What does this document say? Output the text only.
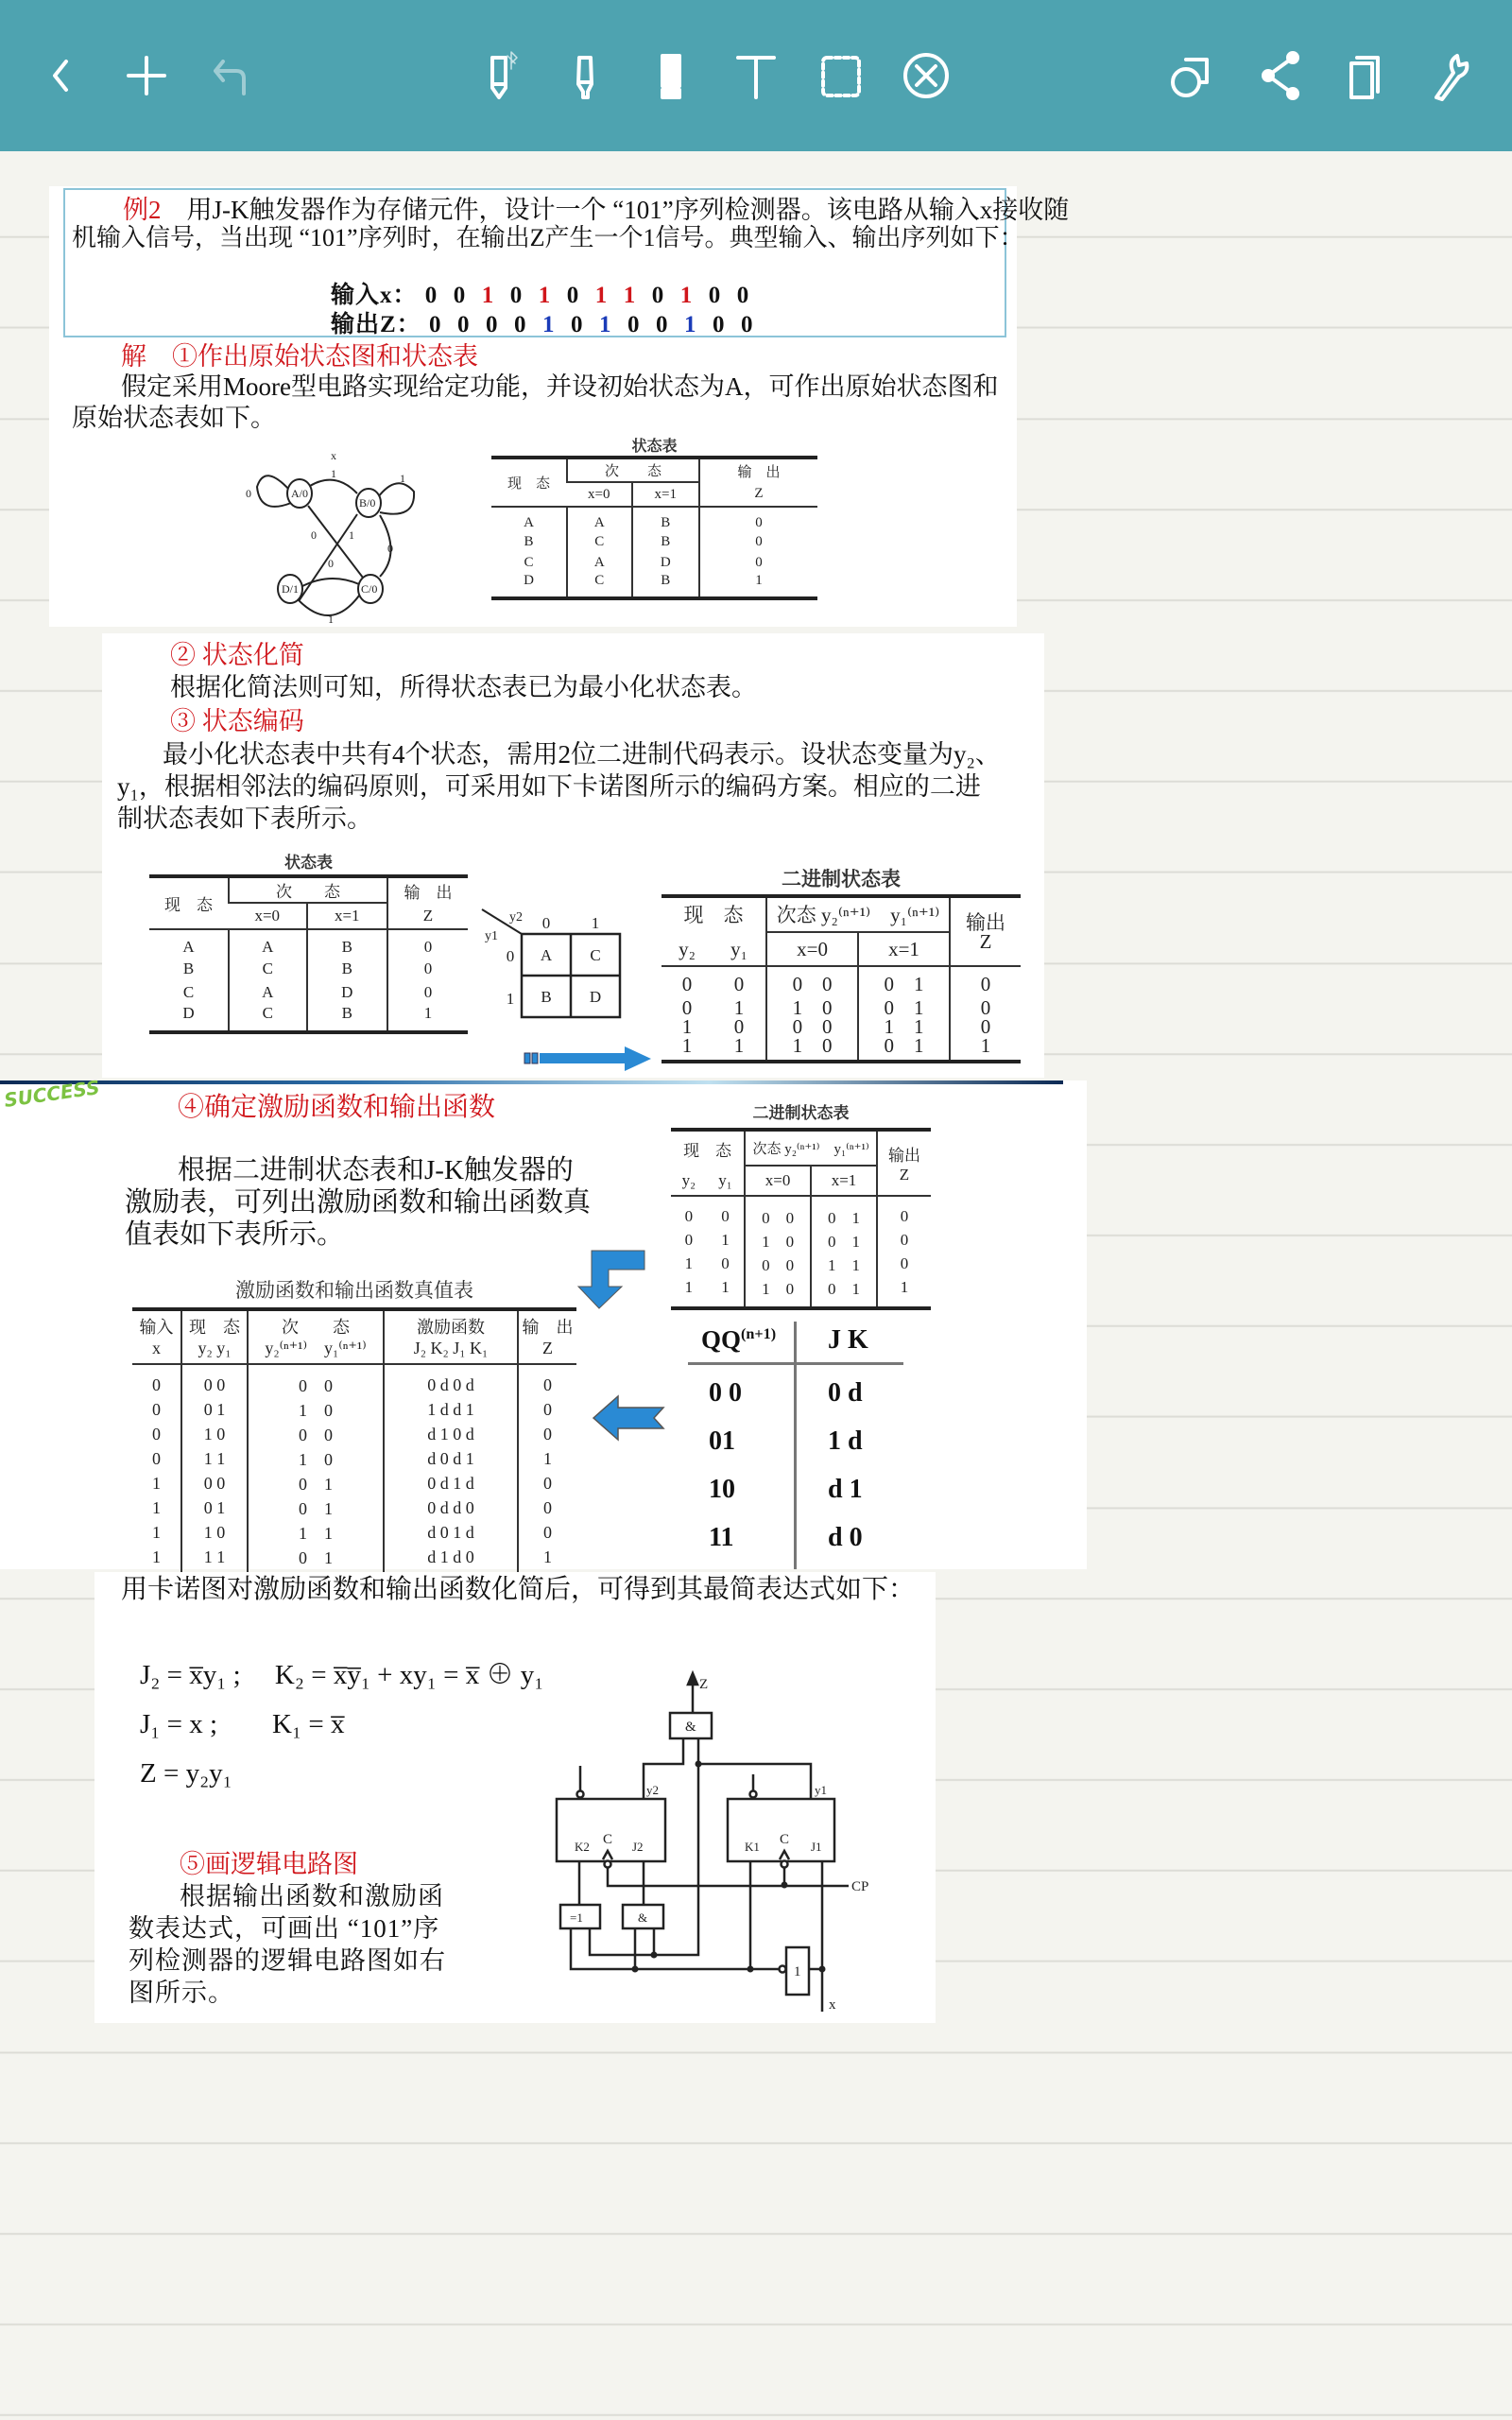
例2　 用J-K触发器作为存储元件，设计一个 “101”序列检测器。该电路从输入x接收随
机输入信号，当出现 “101”序列时，在输出Z产生一个1信号。典型输入、输出序列如下：
输入x： 0 0 1 0 1 0 1 1 0 1 0 0
输出Z： 0 0 0 0 1 0 1 0 0 1 0 0
解　①作出原始状态图和状态表
假定采用Moore型电路实现给定功能，并设初始状态为A，可作出原始状态图和
原始状态表如下。
A/0
B/0
C/0
D/1
x
1
0
1
0	1
0
0
1
状态表
现　态	次　　态		输　出
	x=0	x=1	Z
A	A	B	0
B	C	B	0
C	A	D	0
D	C	B	1
② 状态化简
根据化简法则可知，所得状态表已为最小化状态表。
③ 状态编码
最小化状态表中共有4个状态，需用2位二进制代码表示。设状态变量为y₂、
y₁，根据相邻法的编码原则，可采用如下卡诺图所示的编码方案。相应的二进
制状态表如下表所示。
状态表
现　态	次　　态		输　出
	x=0	x=1	Z
A	A	B	0
B	C	B	0
C	A	D	0
D	C	B	1
y2
y1
0	1
0
1
A C
B D
二进制状态表
现　态		次态 y₂⁽ⁿ⁺¹⁾　y₁⁽ⁿ⁺¹⁾		输出
Z
y₂	y₁	x=0	x=1	
0	0	0　0	0　1	0
0	1	1　0	0　1	0
1	0	0　0	1　1	0
1	1	1　0	0　1	1
SUCCESS	④确定激励函数和输出函数
根据二进制状态表和J-K触发器的
激励表，可列出激励函数和输出函数真
值表如下表所示。
激励函数和输出函数真值表
输入
x	现　态
y₂ y₁	次　　态
y₂⁽ⁿ⁺¹⁾　y₁⁽ⁿ⁺¹⁾	激励函数
J₂ K₂ J₁ K₁	输　出
Z
0	0 0	0　0	0 d 0 d	0
0	0 1	1　0	1 d d 1	0
0	1 0	0　0	d 1 0 d	0
0	1 1	1　0	d 0 d 1	1
1	0 0	0　1	0 d 1 d	0
1	0 1	0　1	0 d d 0	0
1	1 0	1　1	d 0 1 d	0
1	1 1	0　1	d 1 d 0	1
二进制状态表
现　态		次态 y₂⁽ⁿ⁺¹⁾　y₁⁽ⁿ⁺¹⁾		输出
Z
y₂	y₁	x=0	x=1	
0	0	0　0	0　1	0
0	1	1　0	0　1	0
1	0	0　0	1　1	0
1	1	1　0	0　1	1
$QQ^{(n+1)}$ J K
0 0	0 d
01	1 d
10	d 1
11	d 0
用卡诺图对激励函数和输出函数化简后，可得到其最简表达式如下：
J₂ = x̅y₁ ;　 K₂ = x̅y̅₁ + xy₁ = x̅ ⊕ y₁
J₁ = x ;　　K₁ = x̅
Z = y₂y₁
⑤画逻辑电路图
根据输出函数和激励函
数表达式，可画出 “101”序
列检测器的逻辑电路图如右
图所示。
Z
&
y2	y1
K2 C J2	K1 C J1
CP
=1	&
1
x
